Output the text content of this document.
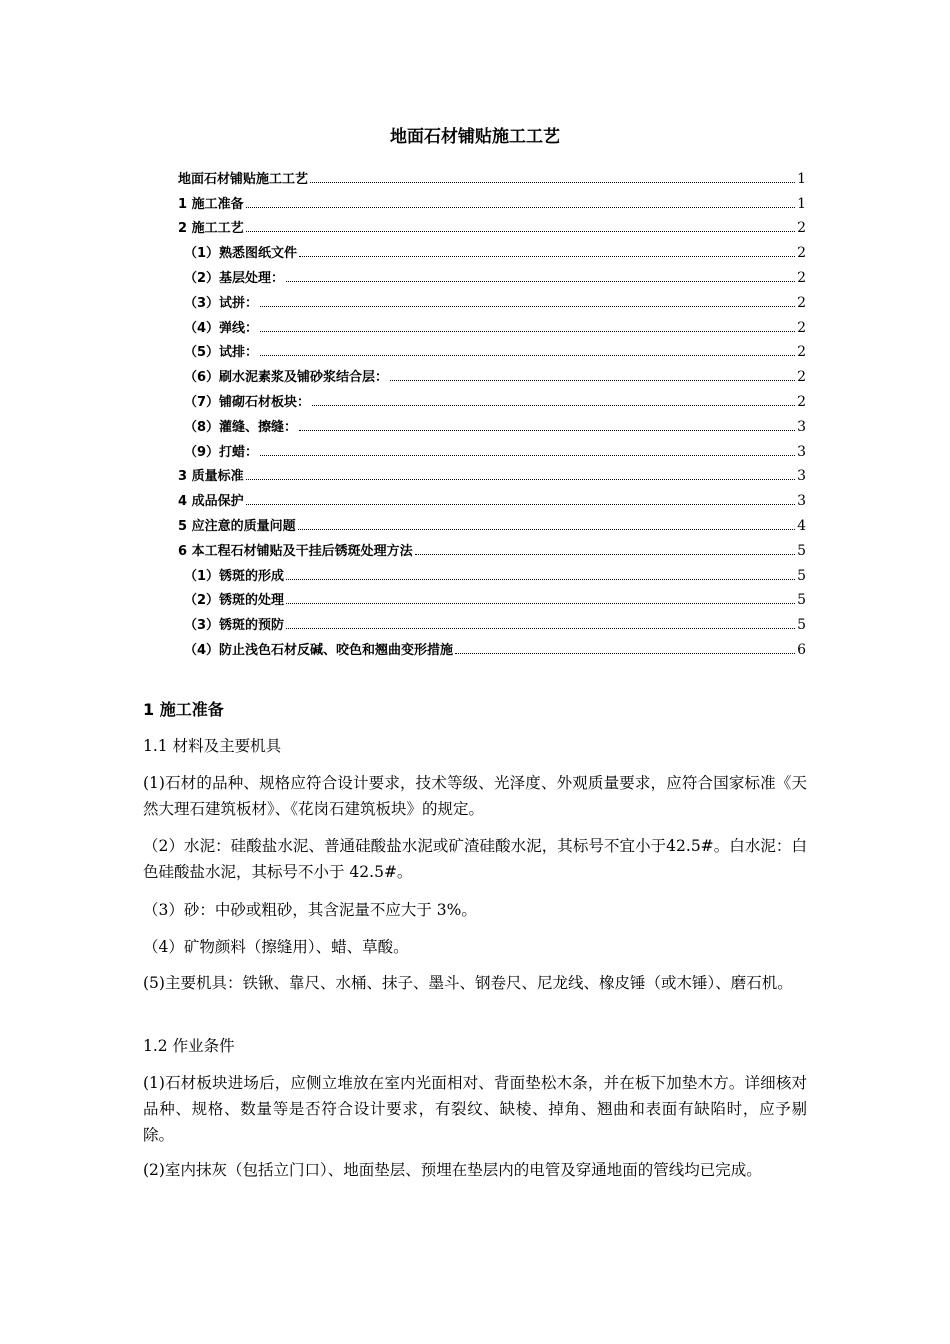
地面石材铺贴施工工艺
地面石材铺贴施工工艺	1
1 施工准备	1
2 施工工艺	2
（1）熟悉图纸文件	2
（2）基层处理：	2
（3）试拼：	2
（4）弹线：	2
（5）试排：	2
（6）刷水泥素浆及铺砂浆结合层：	2
（7）铺砌石材板块：	2
（8）灌缝、擦缝：	3
（9）打蜡：	3
3 质量标准	3
4 成品保护	3
5 应注意的质量问题	4
6 本工程石材铺贴及干挂后锈斑处理方法	5
（1）锈斑的形成	5
（2）锈斑的处理	5
（3）锈斑的预防	5
（4）防止浅色石材反碱、咬色和翘曲变形措施	6
1 施工准备
1.1 材料及主要机具
(1)石材的品种、规格应符合设计要求，技术等级、光泽度、外观质量要求，应符合国家标准《天然大理石建筑板材》、《花岗石建筑板块》的规定。
（2）水泥：硅酸盐水泥、普通硅酸盐水泥或矿渣硅酸水泥，其标号不宜小于42.5#。白水泥：白色硅酸盐水泥，其标号不小于 42.5#。
（3）砂：中砂或粗砂，其含泥量不应大于 3%。
（4）矿物颜料（擦缝用）、蜡、草酸。
(5)主要机具：铁锹、靠尺、水桶、抹子、墨斗、钢卷尺、尼龙线、橡皮锤（或木锤）、磨石机。
1.2 作业条件
(1)石材板块进场后，应侧立堆放在室内光面相对、背面垫松木条，并在板下加垫木方。详细核对品种、规格、数量等是否符合设计要求，有裂纹、缺棱、掉角、翘曲和表面有缺陷时，应予剔除。
(2)室内抹灰（包括立门口）、地面垫层、预埋在垫层内的电管及穿通地面的管线均已完成。
